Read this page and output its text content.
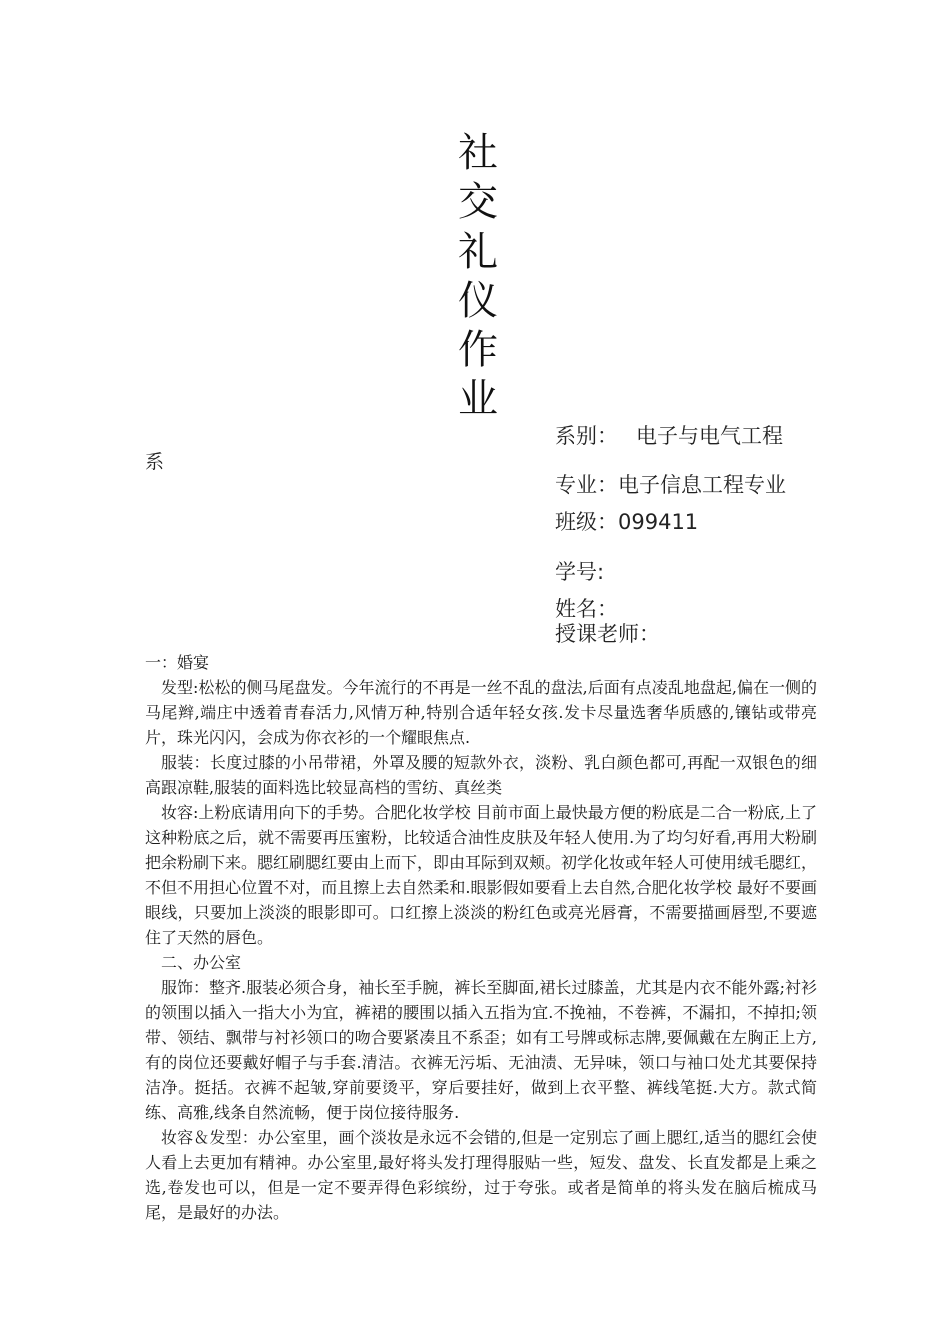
社
交
礼
仪
作
业
系别： 电子与电气工程
系
专业：电子信息工程专业
班级：099411
学号:
姓名：
授课老师：

一：婚宴

发型:松松的侧马尾盘发。今年流行的不再是一丝不乱的盘法,后面有点凌乱地盘起,偏在一侧的马尾辫,端庄中透着青春活力,风情万种,特别合适年轻女孩.发卡尽量选奢华质感的,镶钻或带亮片，珠光闪闪，会成为你衣衫的一个耀眼焦点.

服装：长度过膝的小吊带裙，外罩及腰的短款外衣，淡粉、乳白颜色都可,再配一双银色的细高跟凉鞋,服装的面料选比较显高档的雪纺、真丝类

妆容:上粉底请用向下的手势。合肥化妆学校 目前市面上最快最方便的粉底是二合一粉底,上了这种粉底之后，就不需要再压蜜粉，比较适合油性皮肤及年轻人使用.为了均匀好看,再用大粉刷把余粉刷下来。腮红刷腮红要由上而下，即由耳际到双颊。初学化妆或年轻人可使用绒毛腮红，不但不用担心位置不对，而且擦上去自然柔和.眼影假如要看上去自然,合肥化妆学校 最好不要画眼线，只要加上淡淡的眼影即可。口红擦上淡淡的粉红色或亮光唇膏，不需要描画唇型,不要遮住了天然的唇色。

二、办公室

服饰：整齐.服装必须合身，袖长至手腕，裤长至脚面,裙长过膝盖，尤其是内衣不能外露;衬衫的领围以插入一指大小为宜，裤裙的腰围以插入五指为宜.不挽袖，不卷裤，不漏扣，不掉扣;领带、领结、飘带与衬衫领口的吻合要紧凑且不系歪；如有工号牌或标志牌,要佩戴在左胸正上方,有的岗位还要戴好帽子与手套.清洁。衣裤无污垢、无油渍、无异味，领口与袖口处尤其要保持洁净。挺括。衣裤不起皱,穿前要烫平，穿后要挂好，做到上衣平整、裤线笔挺.大方。款式简练、高雅,线条自然流畅，便于岗位接待服务.

妆容＆发型：办公室里，画个淡妆是永远不会错的,但是一定别忘了画上腮红,适当的腮红会使人看上去更加有精神。办公室里,最好将头发打理得服贴一些，短发、盘发、长直发都是上乘之选,卷发也可以，但是一定不要弄得色彩缤纷，过于夸张。或者是简单的将头发在脑后梳成马尾，是最好的办法。
